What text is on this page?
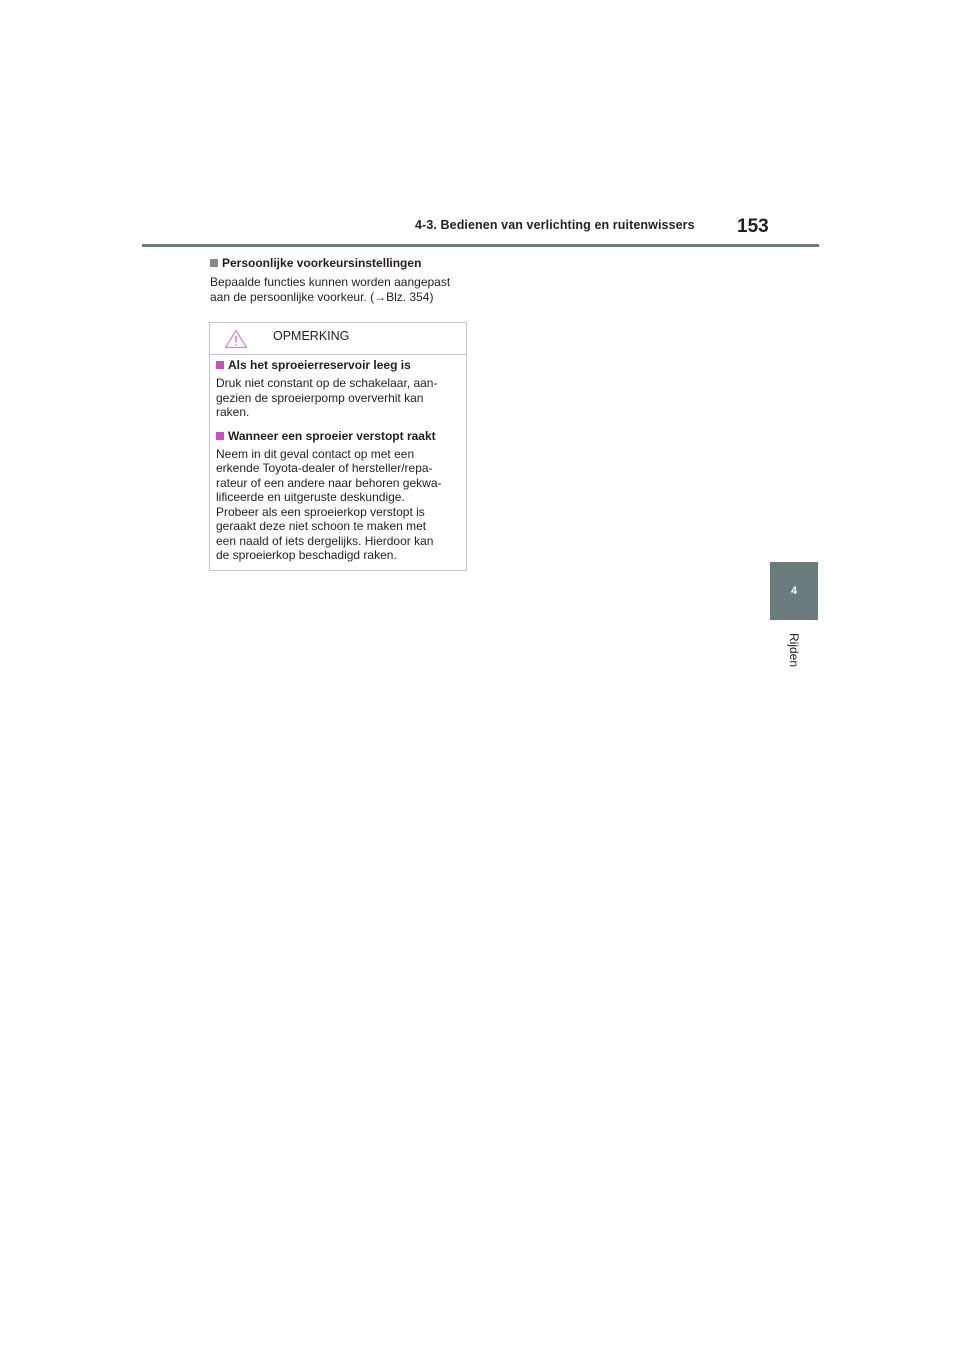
4-3. Bedienen van verlichting en ruitenwissers 153
4
Rijden

Persoonlijke voorkeursinstellingen

Bepaalde functies kunnen worden aangepast
aan de persoonlijke voorkeur. (→Blz. 354)

OPMERKING

Als het sproeierreservoir leeg is

Druk niet constant op de schakelaar, aan-
gezien de sproeierpomp oververhit kan
raken.

Wanneer een sproeier verstopt raakt

Neem in dit geval contact op met een
erkende Toyota-dealer of hersteller/repa-
rateur of een andere naar behoren gekwa-
lificeerde en uitgeruste deskundige.
Probeer als een sproeierkop verstopt is
geraakt deze niet schoon te maken met
een naald of iets dergelijks. Hierdoor kan
de sproeierkop beschadigd raken.
